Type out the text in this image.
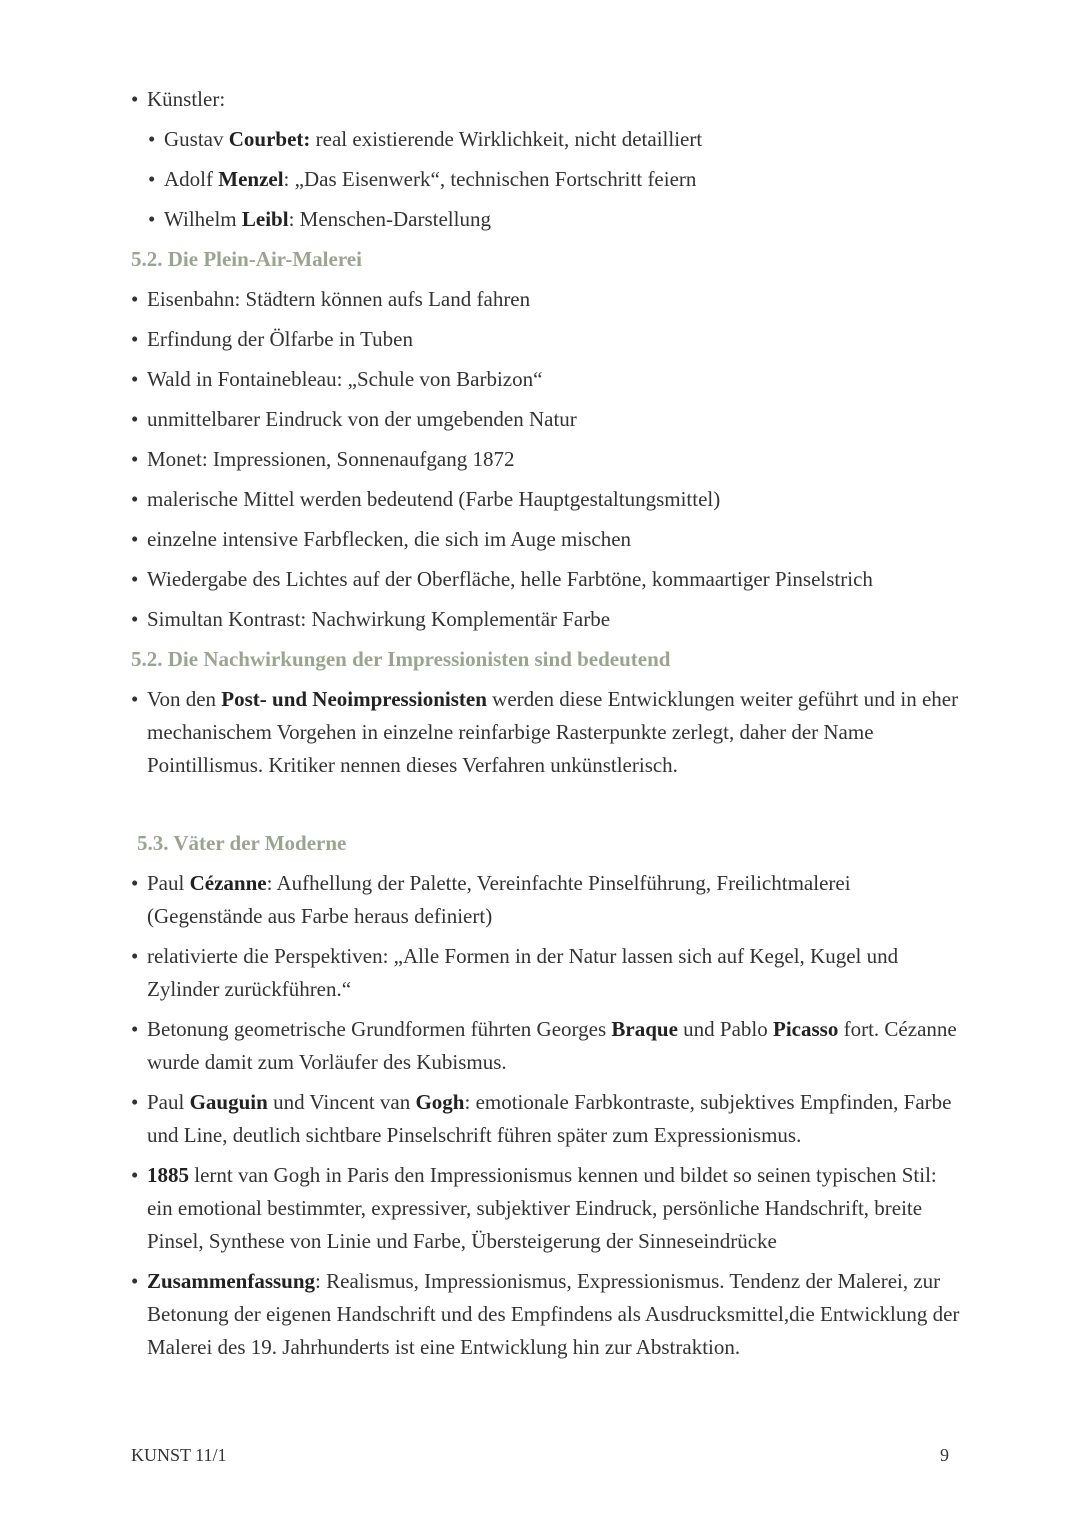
• Künstler:
• Gustav Courbet: real existierende Wirklichkeit, nicht detailliert
• Adolf Menzel: „Das Eisenwerk“, technischen Fortschritt feiern
• Wilhelm Leibl: Menschen-Darstellung
5.2. Die Plein-Air-Malerei
• Eisenbahn: Städtern können aufs Land fahren
• Erfindung der Ölfarbe in Tuben
• Wald in Fontainebleau: „Schule von Barbizon“
• unmittelbarer Eindruck von der umgebenden Natur
• Monet: Impressionen, Sonnenaufgang 1872
• malerische Mittel werden bedeutend (Farbe Hauptgestaltungsmittel)
• einzelne intensive Farbflecken, die sich im Auge mischen
• Wiedergabe des Lichtes auf der Oberfläche, helle Farbtöne, kommaartiger Pinselstrich
• Simultan Kontrast: Nachwirkung Komplementär Farbe
5.2. Die Nachwirkungen der Impressionisten sind bedeutend
• Von den Post- und Neoimpressionisten werden diese Entwicklungen weiter geführt und in eher mechanischem Vorgehen in einzelne reinfarbige Rasterpunkte zerlegt, daher der Name Pointillismus. Kritiker nennen dieses Verfahren unkünstlerisch.
5.3. Väter der Moderne
• Paul Cézanne: Aufhellung der Palette, Vereinfachte Pinselführung, Freilichtmalerei (Gegenstände aus Farbe heraus definiert)
• relativierte die Perspektiven: „Alle Formen in der Natur lassen sich auf Kegel, Kugel und Zylinder zurückführen.“
• Betonung geometrische Grundformen führten Georges Braque und Pablo Picasso fort. Cézanne wurde damit zum Vorläufer des Kubismus.
• Paul Gauguin und Vincent van Gogh: emotionale Farbkontraste, subjektives Empfinden, Farbe und Line, deutlich sichtbare Pinselschrift führen später zum Expressionismus.
• 1885 lernt van Gogh in Paris den Impressionismus kennen und bildet so seinen typischen Stil: ein emotional bestimmter, expressiver, subjektiver Eindruck, persönliche Handschrift, breite Pinsel, Synthese von Linie und Farbe, Übersteigerung der Sinneseindrücke
• Zusammenfassung: Realismus, Impressionismus, Expressionismus. Tendenz der Malerei, zur Betonung der eigenen Handschrift und des Empfindens als Ausdrucksmittel,die Entwicklung der Malerei des 19. Jahrhunderts ist eine Entwicklung hin zur Abstraktion.
KUNST 11/1	9
